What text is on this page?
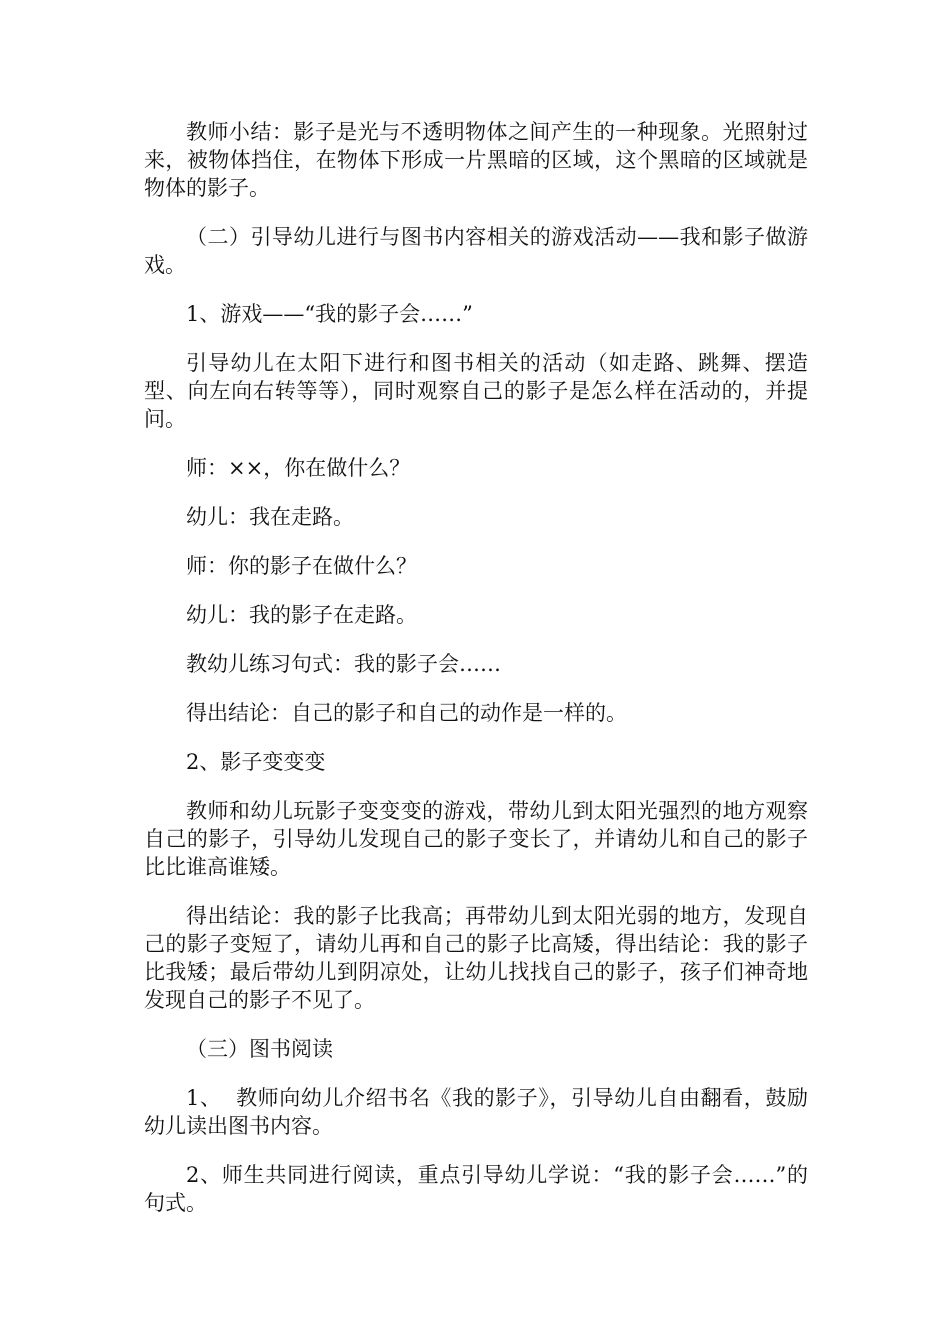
教师小结：影子是光与不透明物体之间产生的一种现象。光照射过来，被物体挡住，在物体下形成一片黑暗的区域，这个黑暗的区域就是物体的影子。

（二）引导幼儿进行与图书内容相关的游戏活动——我和影子做游戏。

1、游戏——“我的影子会……”

引导幼儿在太阳下进行和图书相关的活动（如走路、跳舞、摆造型、向左向右转等等），同时观察自己的影子是怎么样在活动的，并提问。

师：××，你在做什么？

幼儿：我在走路。

师：你的影子在做什么？

幼儿：我的影子在走路。

教幼儿练习句式：我的影子会……

得出结论：自己的影子和自己的动作是一样的。

2、影子变变变

教师和幼儿玩影子变变变的游戏，带幼儿到太阳光强烈的地方观察自己的影子，引导幼儿发现自己的影子变长了，并请幼儿和自己的影子比比谁高谁矮。

得出结论：我的影子比我高；再带幼儿到太阳光弱的地方，发现自己的影子变短了，请幼儿再和自己的影子比高矮，得出结论：我的影子比我矮；最后带幼儿到阴凉处，让幼儿找找自己的影子，孩子们神奇地发现自己的影子不见了。

（三）图书阅读

1、  教师向幼儿介绍书名《我的影子》，引导幼儿自由翻看，鼓励幼儿读出图书内容。

2、师生共同进行阅读，重点引导幼儿学说：“我的影子会……”的句式。
